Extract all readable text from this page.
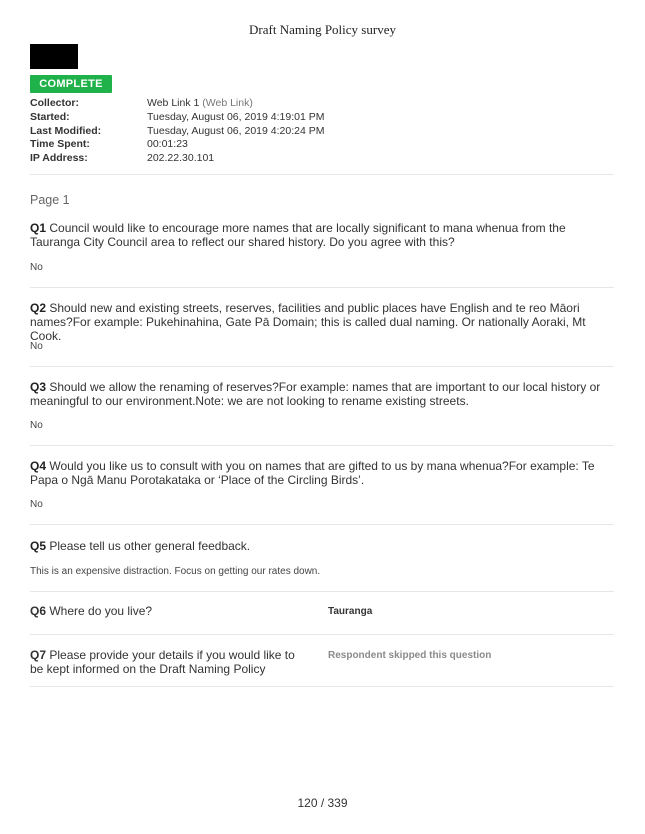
Draft Naming Policy survey
COMPLETE
Collector:	Web Link 1 (Web Link)
Started:	Tuesday, August 06, 2019 4:19:01 PM
Last Modified:	Tuesday, August 06, 2019 4:20:24 PM
Time Spent:	00:01:23
IP Address:	202.22.30.101
Page 1
Q1 Council would like to encourage more names that are locally significant to mana whenua from the Tauranga City Council area to reflect our shared history. Do you agree with this?
No
Q2 Should new and existing streets, reserves, facilities and public places have English and te reo Māori names?For example: Pukehinahina, Gate Pā Domain; this is called dual naming. Or nationally Aoraki, Mt Cook.
No
Q3 Should we allow the renaming of reserves?For example: names that are important to our local history or meaningful to our environment.Note: we are not looking to rename existing streets.
No
Q4 Would you like us to consult with you on names that are gifted to us by mana whenua?For example: Te Papa o Ngā Manu Porotakataka or ‘Place of the Circling Birds’.
No
Q5 Please tell us other general feedback.
This is an expensive distraction. Focus on getting our rates down.
Q6 Where do you live?	Tauranga
Q7 Please provide your details if you would like to be kept informed on the Draft Naming Policy
Respondent skipped this question
120 / 339
